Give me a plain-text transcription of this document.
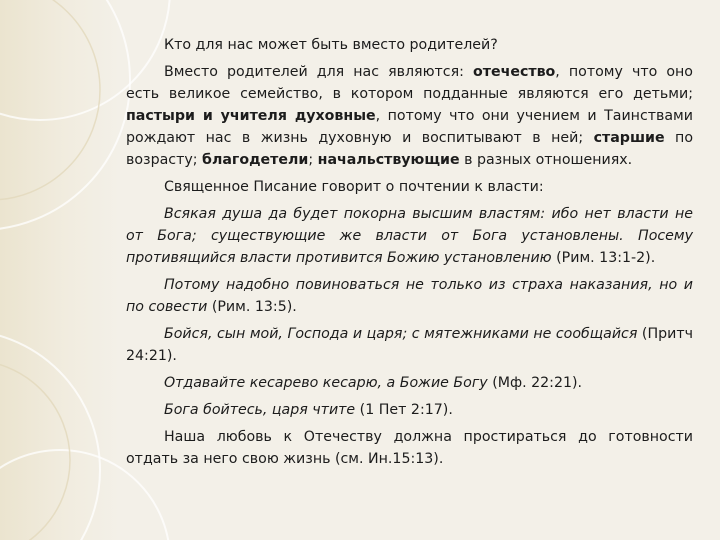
Кто для нас может быть вместо родителей?

Вместо родителей для нас являются: отечество, потому что оно есть великое семейство, в котором подданные являются его детьми; пастыри и учителя духовные, потому что они учением и Таинствами рождают нас в жизнь духовную и воспитывают в ней; старшие по возрасту; благодетели; начальствующие в разных отношениях.

Священное Писание говорит о почтении к власти:

Всякая душа да будет покорна высшим властям: ибо нет власти не от Бога; существующие же власти от Бога установлены. Посему противящийся власти противится Божию установлению (Рим. 13:1-2).

Потому надобно повиноваться не только из страха наказания, но и по совести (Рим. 13:5).

Бойся, сын мой, Господа и царя; с мятежниками не сообщайся (Притч 24:21).

Отдавайте кесарево кесарю, а Божие Богу (Мф. 22:21).

Бога бойтесь, царя чтите (1 Пет 2:17).

Наша любовь к Отечеству должна простираться до готовности отдать за него свою жизнь (см. Ин.15:13).
